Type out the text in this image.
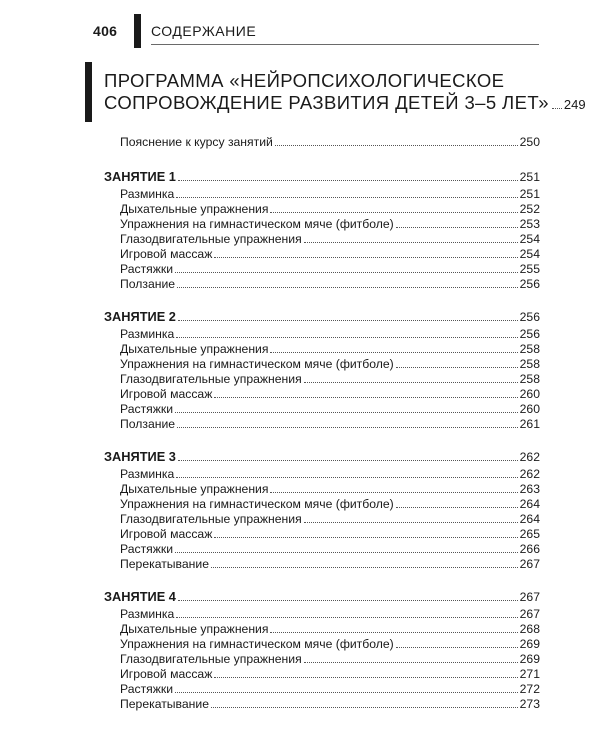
406 СОДЕРЖАНИЕ
ПРОГРАММА «НЕЙРОПСИХОЛОГИЧЕСКОЕ
СОПРОВОЖДЕНИЕ РАЗВИТИЯ ДЕТЕЙ 3–5 ЛЕТ» 249
Пояснение к курсу занятий	250
ЗАНЯТИЕ 1	251
Разминка	251
Дыхательные упражнения	252
Упражнения на гимнастическом мяче (фитболе)	253
Глазодвигательные упражнения	254
Игровой массаж	254
Растяжки	255
Ползание	256
ЗАНЯТИЕ 2	256
Разминка	256
Дыхательные упражнения	258
Упражнения на гимнастическом мяче (фитболе)	258
Глазодвигательные упражнения	258
Игровой массаж	260
Растяжки	260
Ползание	261
ЗАНЯТИЕ 3	262
Разминка	262
Дыхательные упражнения	263
Упражнения на гимнастическом мяче (фитболе)	264
Глазодвигательные упражнения	264
Игровой массаж	265
Растяжки	266
Перекатывание	267
ЗАНЯТИЕ 4	267
Разминка	267
Дыхательные упражнения	268
Упражнения на гимнастическом мяче (фитболе)	269
Глазодвигательные упражнения	269
Игровой массаж	271
Растяжки	272
Перекатывание	273
